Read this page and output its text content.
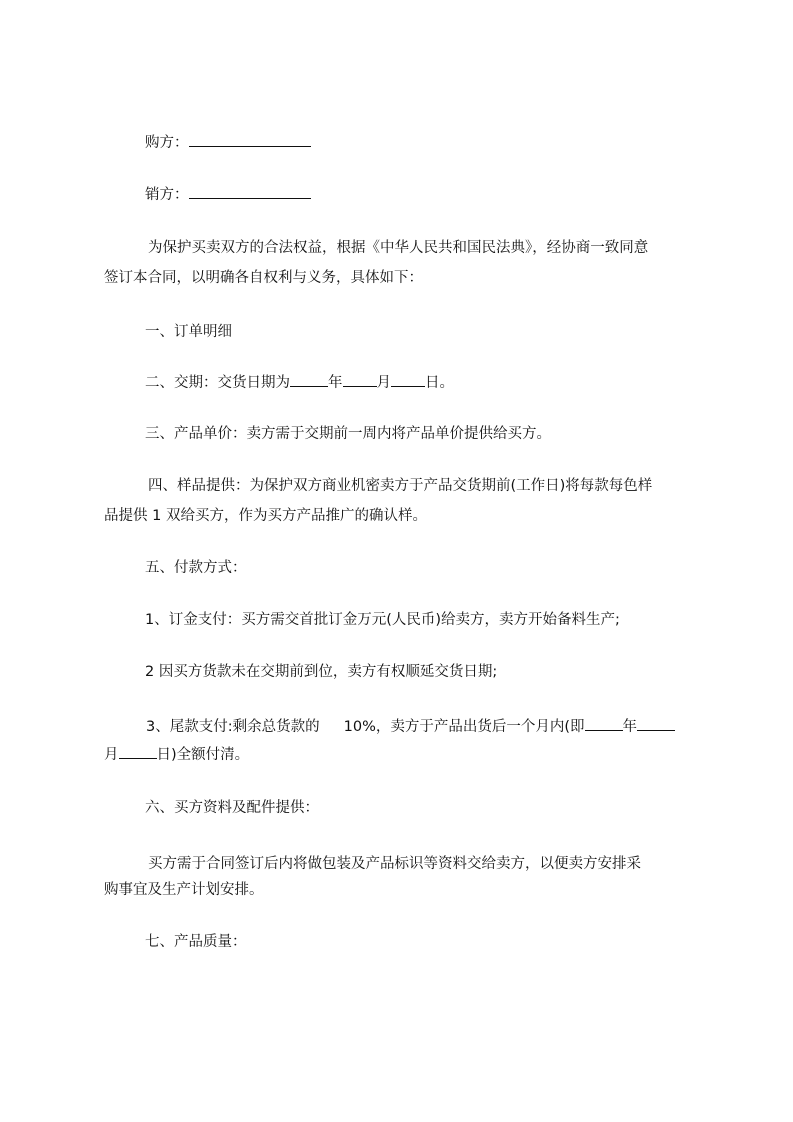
购方：
销方：
为保护买卖双方的合法权益，根据《中华人民共和国民法典》，经协商一致同意
签订本合同，以明确各自权利与义务，具体如下：
一、订单明细
二、交期：交货日期为	年 月 日。
三、产品单价：卖方需于交期前一周内将产品单价提供给买方。
四、样品提供：为保护双方商业机密卖方于产品交货期前(工作日)将每款每色样
品提供 1 双给买方，作为买方产品推广的确认样。
五、付款方式：
1、订金支付：买方需交首批订金万元(人民币)给卖方，卖方开始备料生产;
2 因买方货款未在交期前到位，卖方有权顺延交货日期;
3、尾款支付:剩余总货款的 10%，卖方于产品出货后一个月内(即	年
月	日)全额付清。
六、买方资料及配件提供：
买方需于合同签订后内将做包装及产品标识等资料交给卖方，以便卖方安排采
购事宜及生产计划安排。
七、产品质量：
